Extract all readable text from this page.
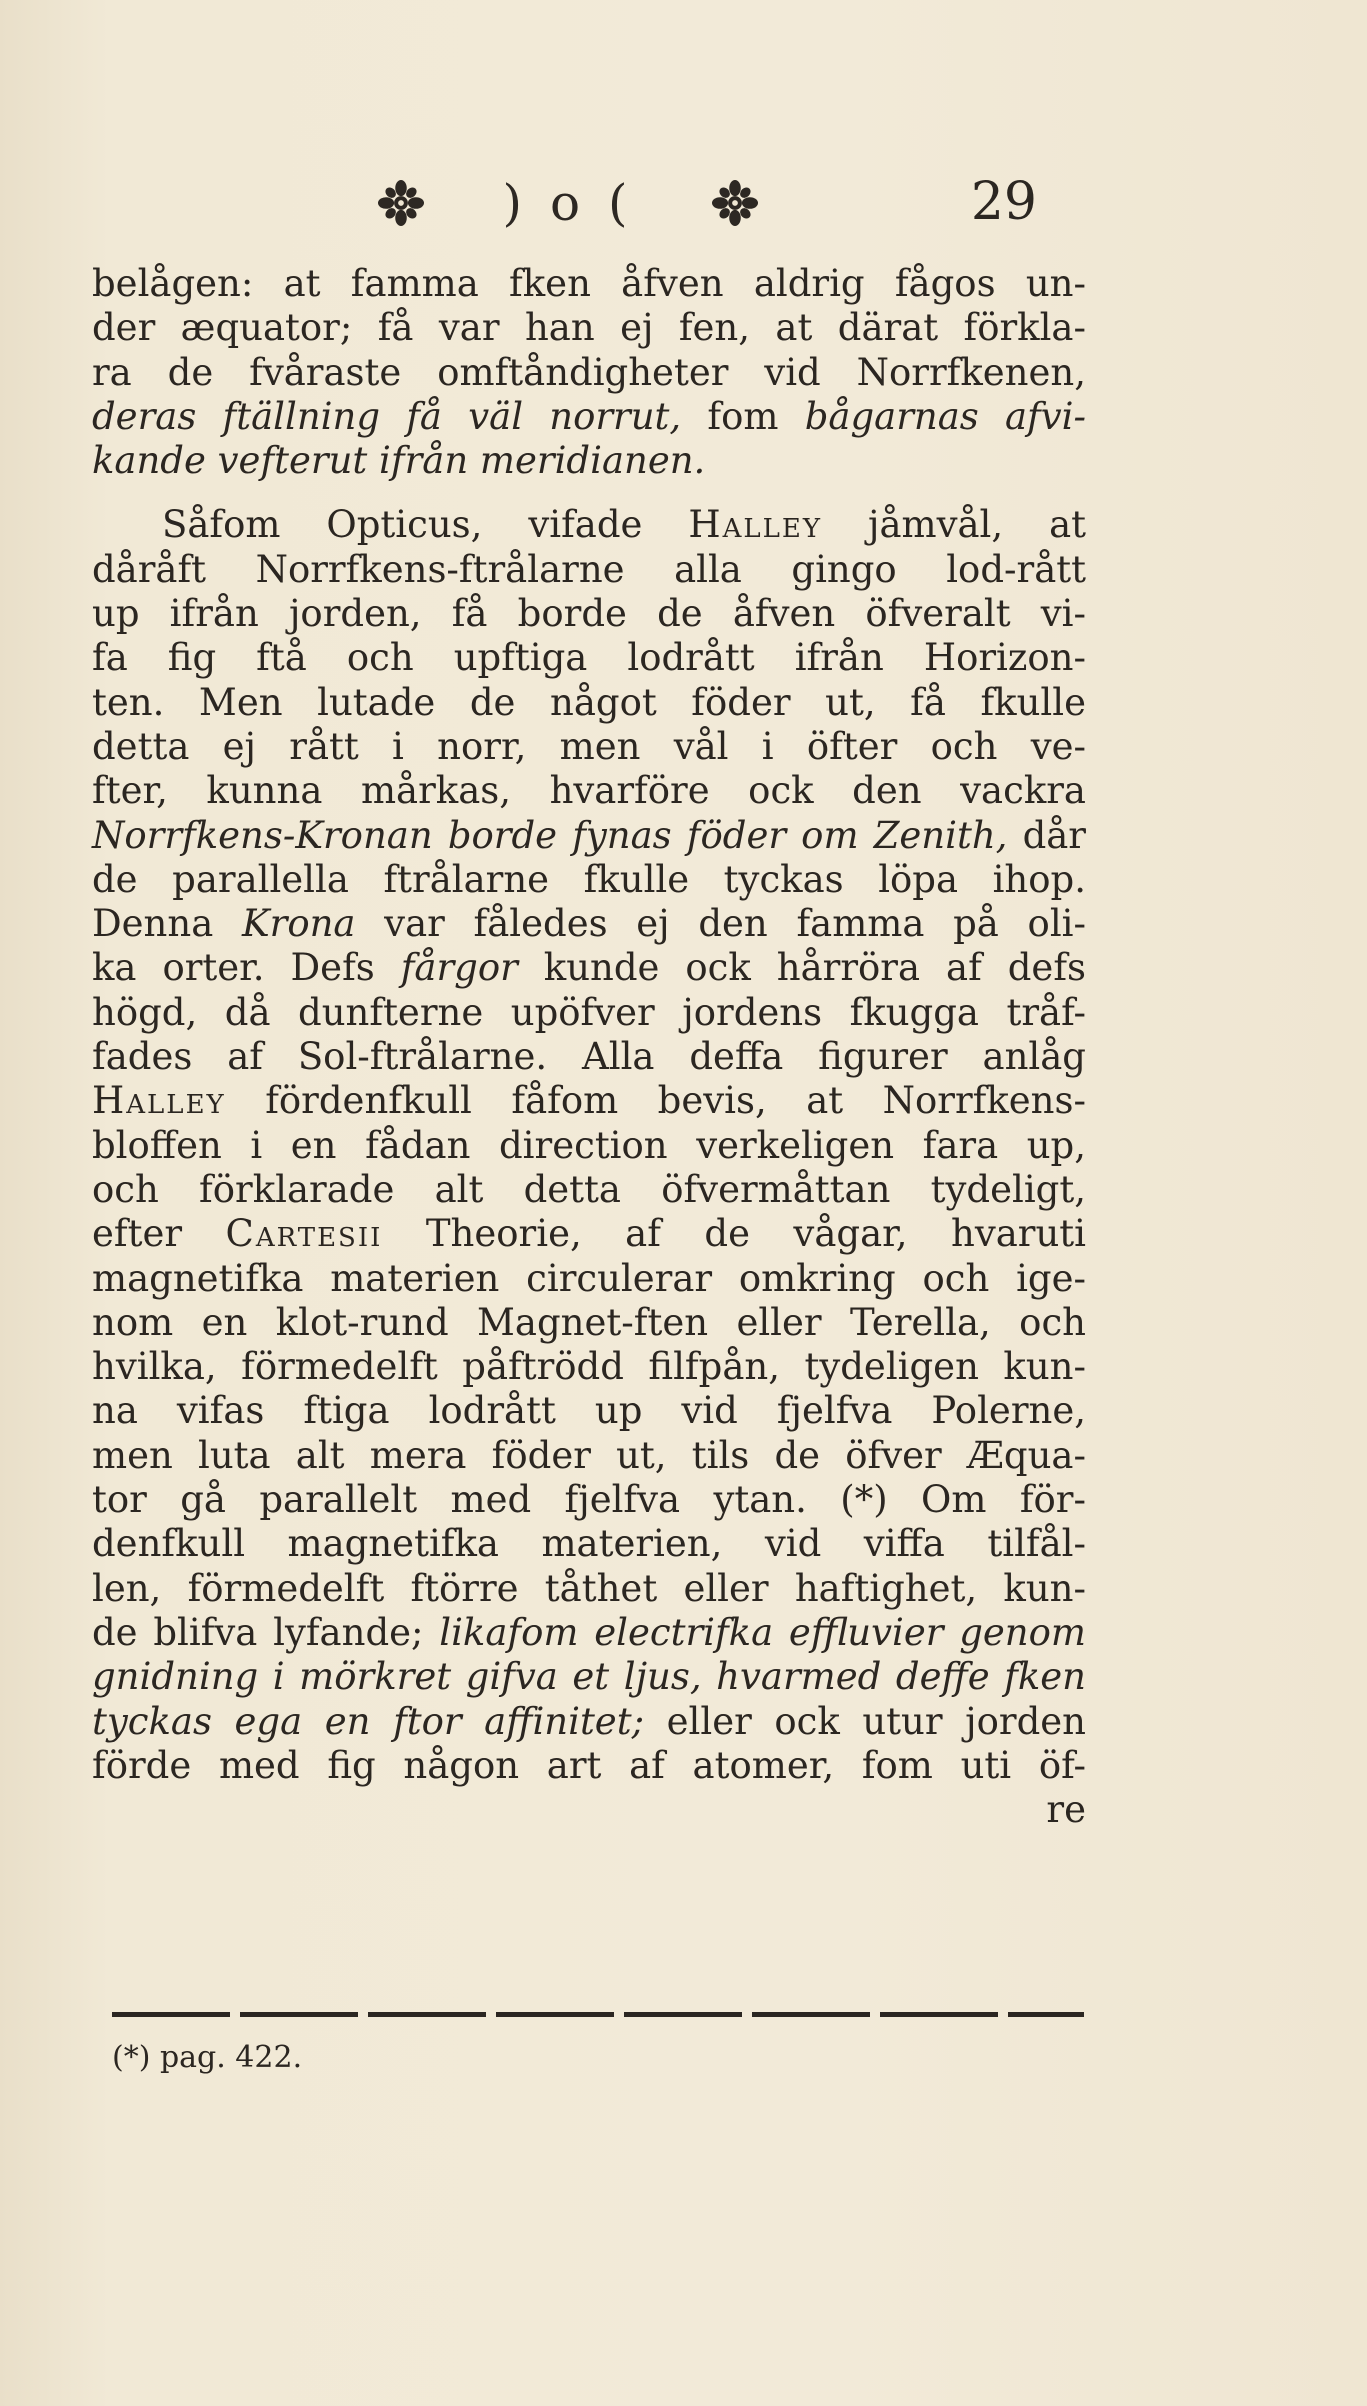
) o (	29
belågen: at famma fken åfven aldrig fågos un-
der æquator; få var han ej fen, at därat förkla-
ra de fvåraste omftåndigheter vid Norrfkenen,
deras ftällning få väl norrut, fom bågarnas afvi-
kande vefterut ifrån meridianen.
Såfom Opticus, vifade Halley jåmvål, at
dåråft Norrfkens-ftrålarne alla gingo lod-rått
up ifrån jorden, få borde de åfven öfveralt vi-
fa fig ftå och upftiga lodrått ifrån Horizon-
ten. Men lutade de något föder ut, få fkulle
detta ej rått i norr, men vål i öfter och ve-
fter, kunna mårkas, hvarföre ock den vackra
Norrfkens-Kronan borde fynas föder om Zenith, dår
de parallella ftrålarne fkulle tyckas löpa ihop.
Denna Krona var fåledes ej den famma på oli-
ka orter. Defs fårgor kunde ock hårröra af defs
högd, då dunfterne upöfver jordens fkugga tråf-
fades af Sol-ftrålarne. Alla deffa figurer anlåg
Halley fördenfkull fåfom bevis, at Norrfkens-
bloffen i en fådan direction verkeligen fara up,
och förklarade alt detta öfvermåttan tydeligt,
efter Cartesii Theorie, af de vågar, hvaruti
magnetifka materien circulerar omkring och ige-
nom en klot-rund Magnet-ften eller Terella, och
hvilka, förmedelft påftrödd filfpån, tydeligen kun-
na vifas ftiga lodrått up vid fjelfva Polerne,
men luta alt mera föder ut, tils de öfver Æqua-
tor gå parallelt med fjelfva ytan. (*) Om för-
denfkull magnetifka materien, vid viffa tilfål-
len, förmedelft ftörre tåthet eller haftighet, kun-
de blifva lyfande; likafom electrifka effluvier genom
gnidning i mörkret gifva et ljus, hvarmed deffe fken
tyckas ega en ftor affinitet; eller ock utur jorden
förde med fig någon art af atomer, fom uti öf-
re
(*) pag. 422.
